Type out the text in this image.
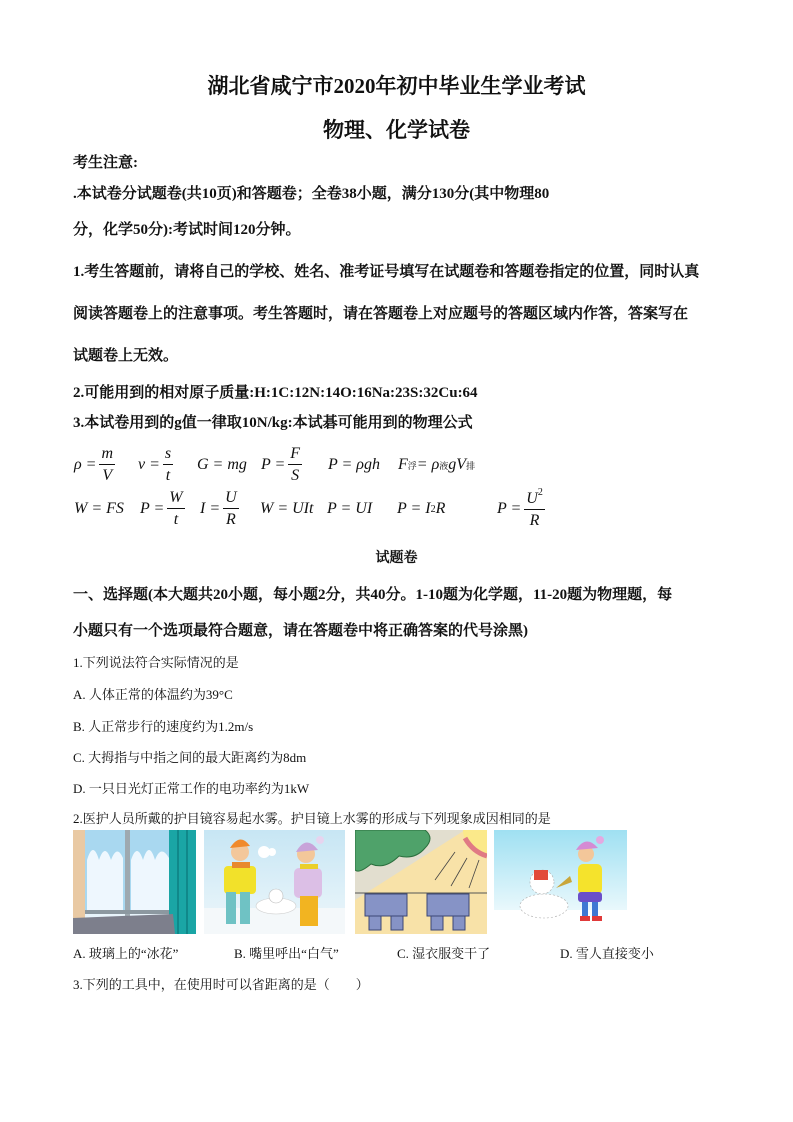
湖北省咸宁市2020年初中毕业生学业考试
物理、化学试卷
考生注意:
.本试卷分试题卷(共10页)和答题卷；全卷38小题，满分130分(其中物理80
分，化学50分):考试时间120分钟。
1.考生答题前，请将自己的学校、姓名、准考证号填写在试题卷和答题卷指定的位置，同时认真
阅读答题卷上的注意事项。考生答题时，请在答题卷上对应题号的答题区域内作答，答案写在
试题卷上无效。
2.可能用到的相对原子质量:H:1C:12N:14O:16Na:23S:32Cu:64
3.本试卷用到的g值一律取10N/kg:本试碁可能用到的物理公式
$\rho = \frac{m}{V}$ $v = \frac{s}{t}$ G = mg $P = \frac{F}{S}$ P = ρgh F 浮 = ρ 液 gV 排
W = FS $P = \frac{W}{t}$ $I = \frac{U}{R}$ W = UIt P = UI P = I 2 R	$P = \frac{U^2}{R}$
试题卷
一、选择题(本大题共20小题，每小题2分，共40分。1-10题为化学题，11-20题为物理题，每
小题只有一个选项最符合题意，请在答题卷中将正确答案的代号涂黑)
1.下列说法符合实际情况的是
A. 人体正常的体温约为39°C
B. 人正常步行的速度约为1.2m/s
C. 大拇指与中指之间的最大距离约为8dm
D. 一只日光灯正常工作的电功率约为1kW
2.医护人员所戴的护目镜容易起水雾。护目镜上水雾的形成与下列现象成因相同的是
A. 玻璃上的“冰花”	B. 嘴里呼出“白气”	C. 湿衣服变干了	D. 雪人直接变小
3.下列的工具中，在使用时可以省距离的是（　　）
